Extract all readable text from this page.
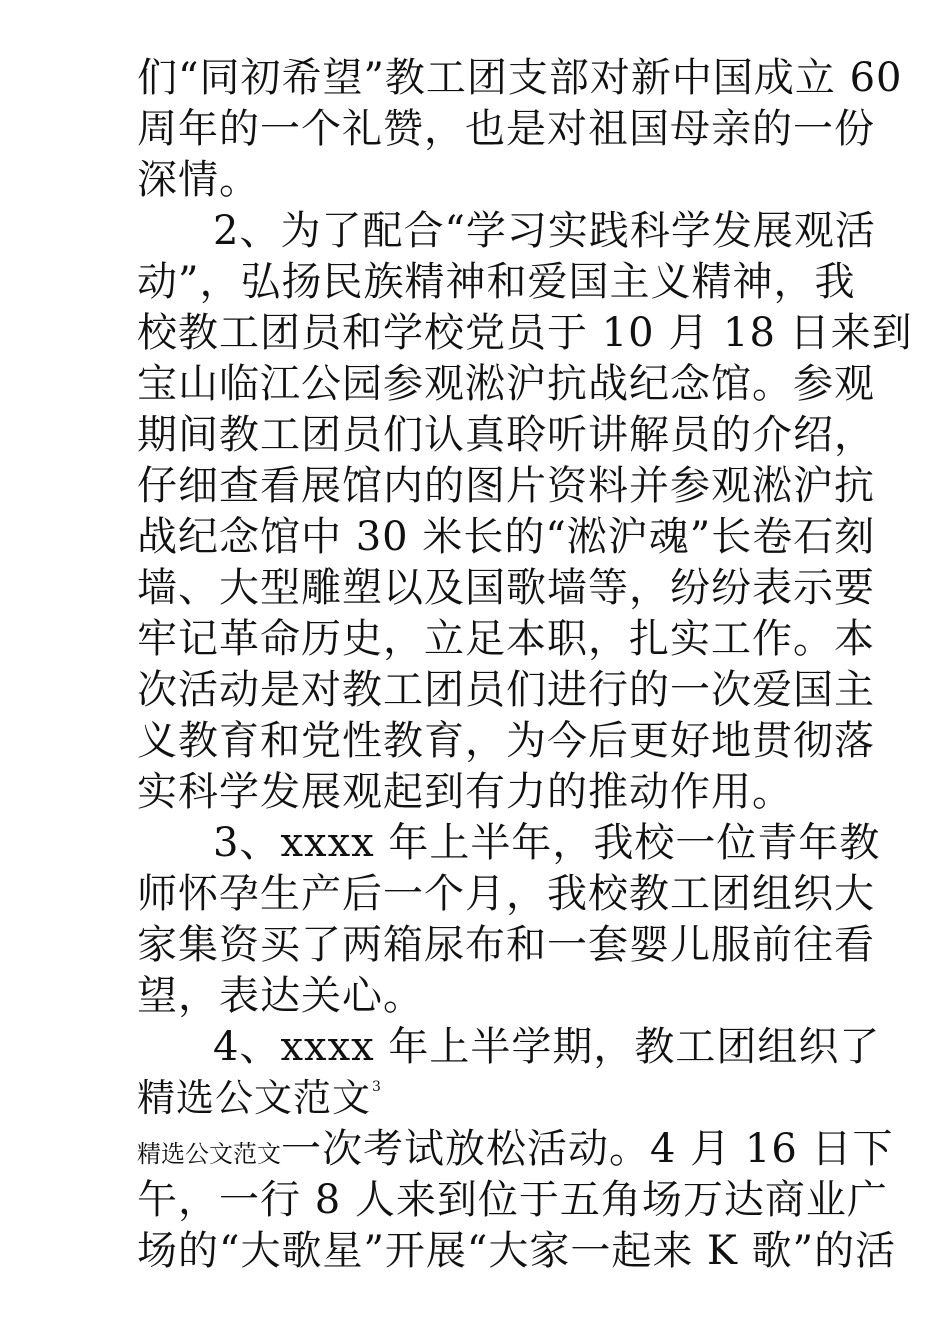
们“同初希望”教工团支部对新中国成立 60
周年的一个礼赞，也是对祖国母亲的一份
深情。
2、为了配合“学习实践科学发展观活
动”，弘扬民族精神和爱国主义精神，我
校教工团员和学校党员于 10 月 18 日来到
宝山临江公园参观淞沪抗战纪念馆。参观
期间教工团员们认真聆听讲解员的介绍，
仔细查看展馆内的图片资料并参观淞沪抗
战纪念馆中 30 米长的“淞沪魂”长卷石刻
墙、大型雕塑以及国歌墙等，纷纷表示要
牢记革命历史，立足本职，扎实工作。本
次活动是对教工团员们进行的一次爱国主
义教育和党性教育，为今后更好地贯彻落
实科学发展观起到有力的推动作用。
3、xxxx 年上半年，我校一位青年教
师怀孕生产后一个月，我校教工团组织大
家集资买了两箱尿布和一套婴儿服前往看
望，表达关心。
4、xxxx 年上半学期，教工团组织了
精选公文范文 3
精选公文范文一次考试放松活动。4 月 16 日下
午，一行 8 人来到位于五角场万达商业广
场的“大歌星”开展“大家一起来 K 歌”的活
